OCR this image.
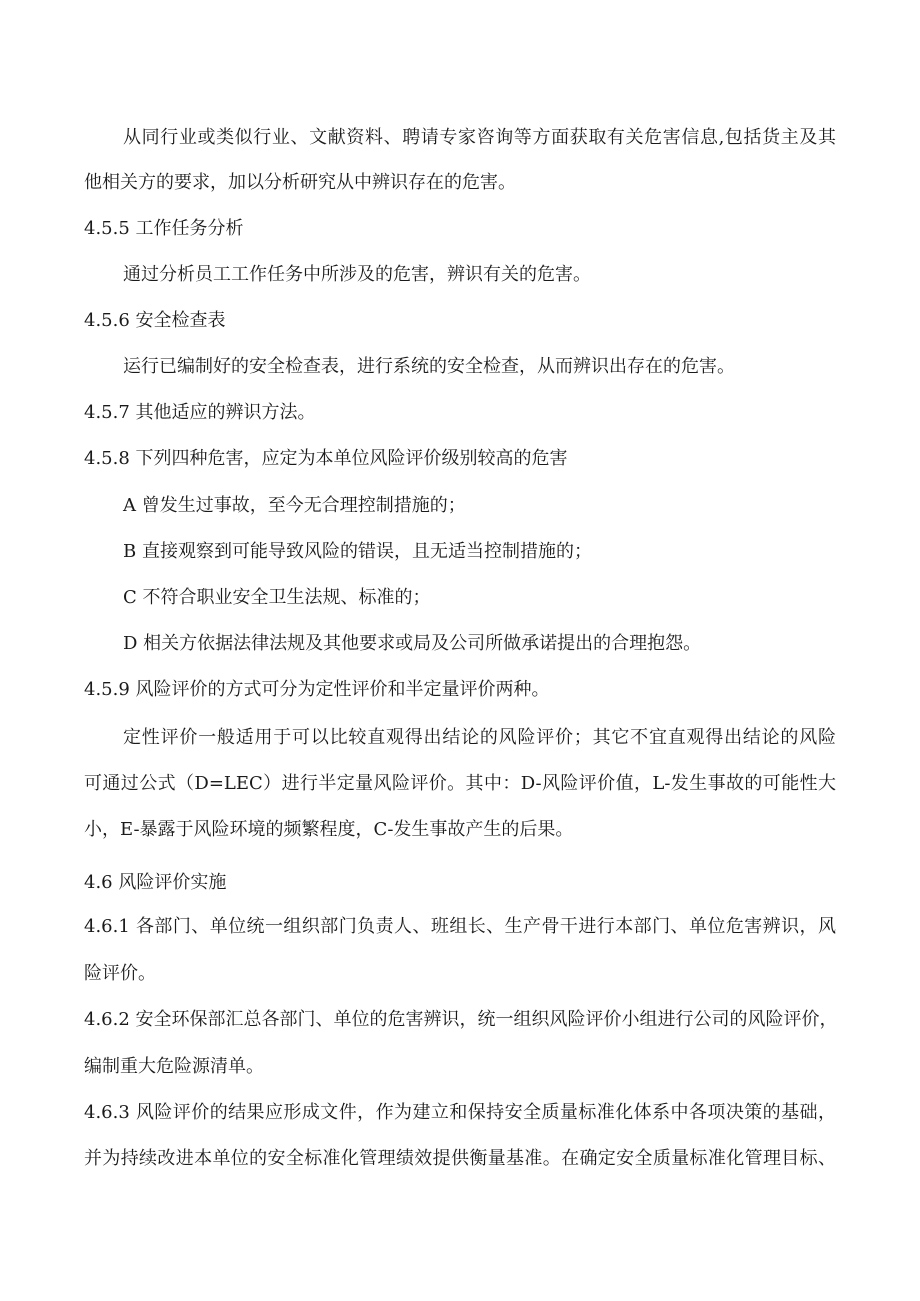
从同行业或类似行业、文献资料、聘请专家咨询等方面获取有关危害信息,包括货主及其
他相关方的要求，加以分析研究从中辨识存在的危害。
4.5.5 工作任务分析
通过分析员工工作任务中所涉及的危害，辨识有关的危害。
4.5.6 安全检查表
运行已编制好的安全检查表，进行系统的安全检查，从而辨识出存在的危害。
4.5.7 其他适应的辨识方法。
4.5.8 下列四种危害，应定为本单位风险评价级别较高的危害
A 曾发生过事故，至今无合理控制措施的；
B 直接观察到可能导致风险的错误，且无适当控制措施的；
C 不符合职业安全卫生法规、标准的；
D 相关方依据法律法规及其他要求或局及公司所做承诺提出的合理抱怨。
4.5.9 风险评价的方式可分为定性评价和半定量评价两种。
定性评价一般适用于可以比较直观得出结论的风险评价；其它不宜直观得出结论的风险
可通过公式（D=LEC）进行半定量风险评价。其中：D-风险评价值，L-发生事故的可能性大
小，E-暴露于风险环境的频繁程度，C-发生事故产生的后果。
4.6 风险评价实施
4.6.1 各部门、单位统一组织部门负责人、班组长、生产骨干进行本部门、单位危害辨识，风
险评价。
4.6.2 安全环保部汇总各部门、单位的危害辨识，统一组织风险评价小组进行公司的风险评价，
编制重大危险源清单。
4.6.3 风险评价的结果应形成文件，作为建立和保持安全质量标准化体系中各项决策的基础，
并为持续改进本单位的安全标准化管理绩效提供衡量基准。在确定安全质量标准化管理目标、
